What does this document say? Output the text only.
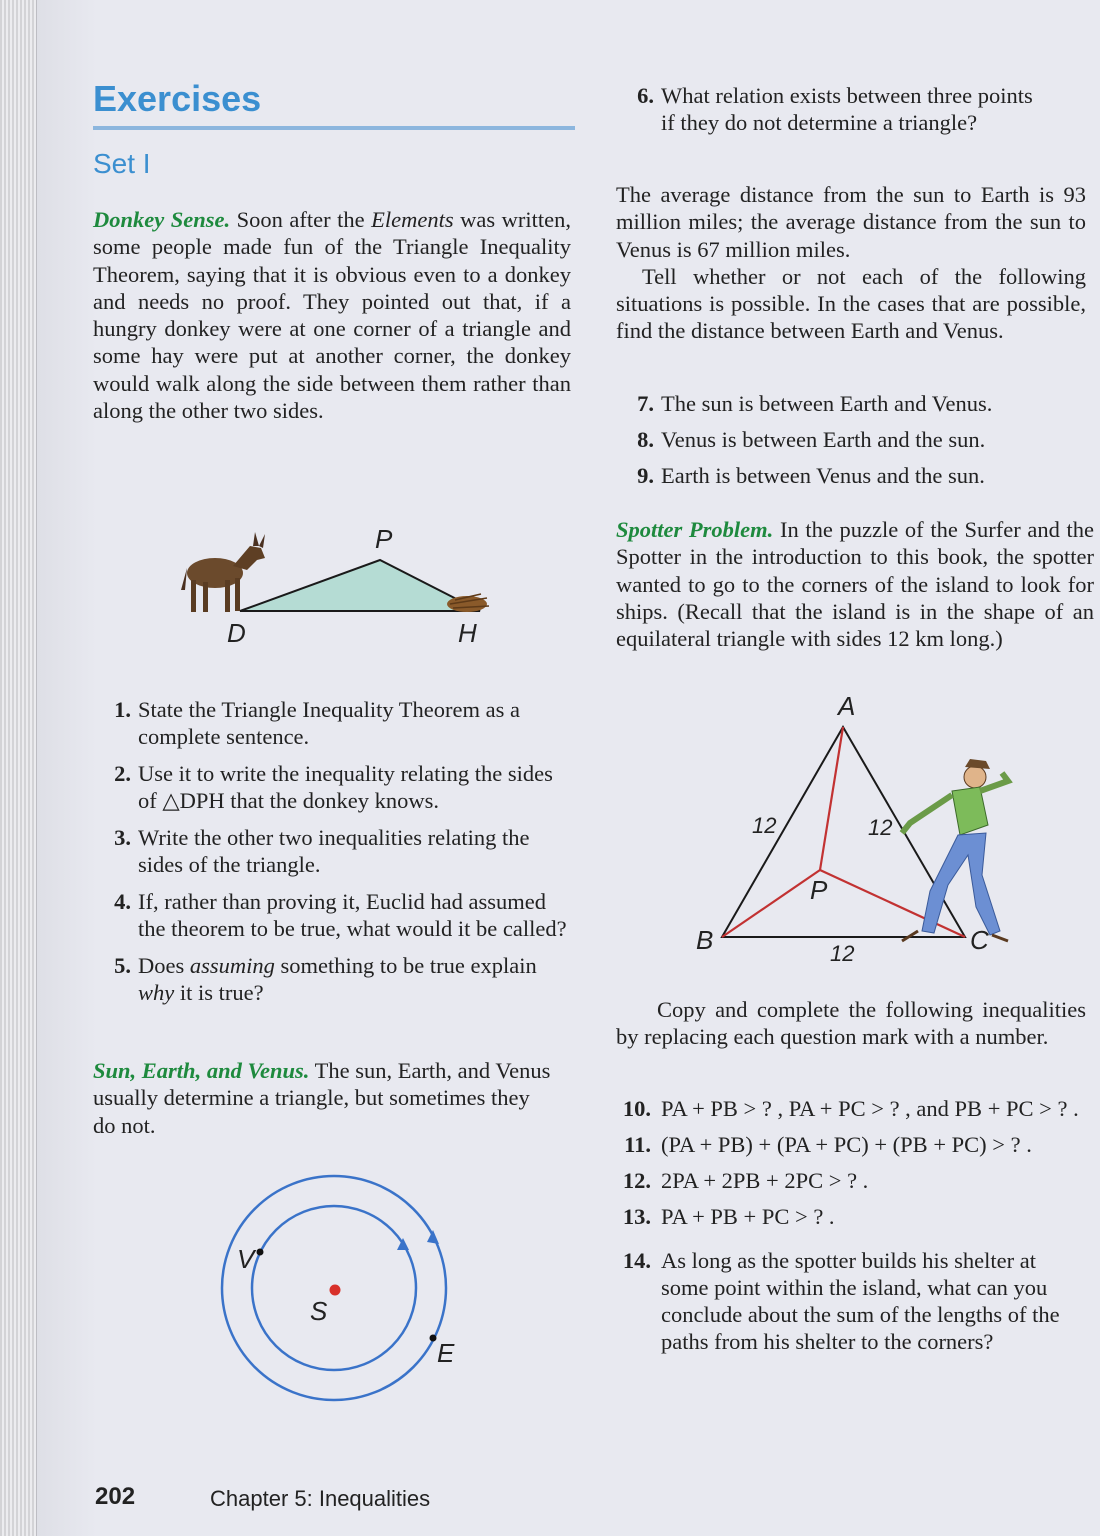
Exercises
Set I
Donkey Sense. Soon after the Elements was written, some people made fun of the Triangle Inequality Theorem, saying that it is obvious even to a donkey and needs no proof. They pointed out that, if a hungry donkey were at one corner of a triangle and some hay were put at another corner, the donkey would walk along the side between them rather than along the other two sides.
P
D	H
1. State the Triangle Inequality Theorem as a complete sentence.
2. Use it to write the inequality relating the sides of △DPH that the donkey knows.
3. Write the other two inequalities relating the sides of the triangle.
4. If, rather than proving it, Euclid had assumed the theorem to be true, what would it be called?
5. Does assuming something to be true explain why it is true?
Sun, Earth, and Venus. The sun, Earth, and Venus usually determine a triangle, but sometimes they do not.
V
S
E
6. What relation exists between three points if they do not determine a triangle?
The average distance from the sun to Earth is 93 million miles; the average distance from the sun to Venus is 67 million miles.
Tell whether or not each of the following situations is possible. In the cases that are possible, find the distance between Earth and Venus.
7. The sun is between Earth and Venus.
8. Venus is between Earth and the sun.
9. Earth is between Venus and the sun.
Spotter Problem. In the puzzle of the Surfer and the Spotter in the introduction to this book, the spotter wanted to go to the corners of the island to look for ships. (Recall that the island is in the shape of an equilateral triangle with sides 12 km long.)
A
B	C
P
12	12
12
Copy and complete the following inequalities by replacing each question mark with a number.
10. PA + PB > ? , PA + PC > ? , and PB + PC > ? .
11. (PA + PB) + (PA + PC) + (PB + PC) > ? .
12. 2PA + 2PB + 2PC > ? .
13. PA + PB + PC > ? .
14. As long as the spotter builds his shelter at some point within the island, what can you conclude about the sum of the lengths of the paths from his shelter to the corners?
202	Chapter 5: Inequalities
